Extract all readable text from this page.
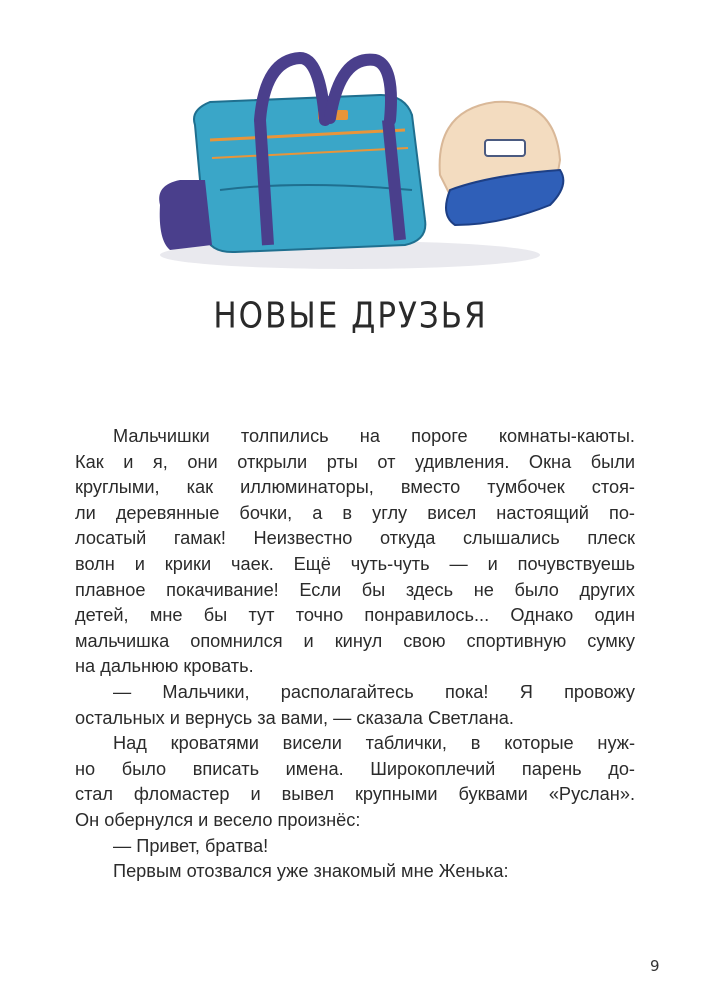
НОВЫЕ ДРУЗЬЯ
Мальчишки толпились на пороге комнаты-каюты.
Как и я, они открыли рты от удивления. Окна были
круглыми, как иллюминаторы, вместо тумбочек стоя-
ли деревянные бочки, а в углу висел настоящий по-
лосатый гамак! Неизвестно откуда слышались плеск
волн и крики чаек. Ещё чуть-чуть — и почувствуешь
плавное покачивание! Если бы здесь не было других
детей, мне бы тут точно понравилось... Однако один
мальчишка опомнился и кинул свою спортивную сумку
на дальнюю кровать.
— Мальчики, располагайтесь пока! Я провожу
остальных и вернусь за вами, — сказала Светлана.
Над кроватями висели таблички, в которые нуж-
но было вписать имена. Широкоплечий парень до-
стал фломастер и вывел крупными буквами «Руслан».
Он обернулся и весело произнёс:
— Привет, братва!
Первым отозвался уже знакомый мне Женька:
9
